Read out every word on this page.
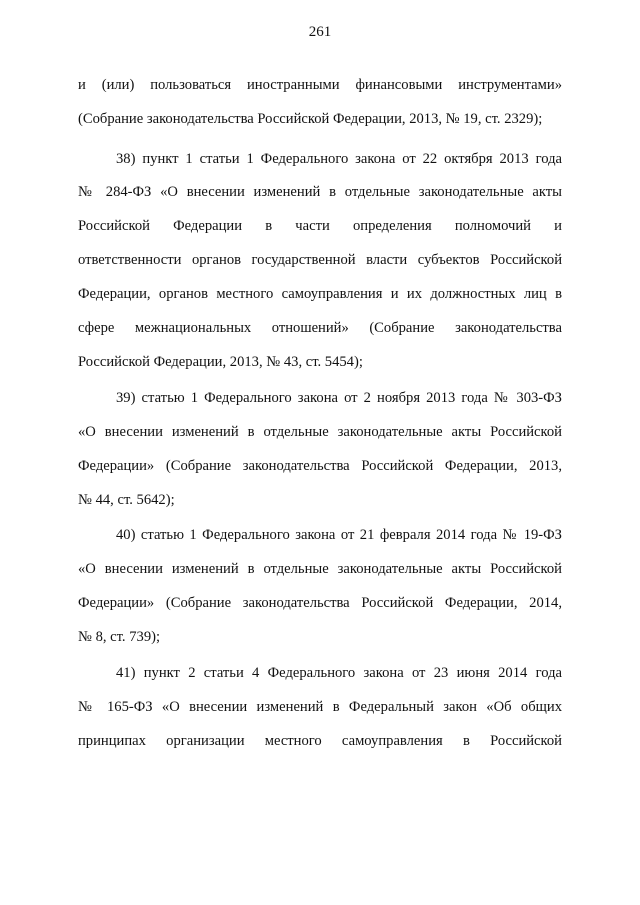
261
и (или) пользоваться иностранными финансовыми инструментами»
(Собрание законодательства Российской Федерации, 2013, № 19, ст. 2329);
38) пункт 1 статьи 1 Федерального закона от 22 октября 2013 года
№ 284-ФЗ «О внесении изменений в отдельные законодательные акты
Российской Федерации в части определения полномочий и
ответственности органов государственной власти субъектов Российской
Федерации, органов местного самоуправления и их должностных лиц в
сфере межнациональных отношений» (Собрание законодательства
Российской Федерации, 2013, № 43, ст. 5454);
39) статью 1 Федерального закона от 2 ноября 2013 года № 303-ФЗ
«О внесении изменений в отдельные законодательные акты Российской
Федерации» (Собрание законодательства Российской Федерации, 2013,
№ 44, ст. 5642);
40) статью 1 Федерального закона от 21 февраля 2014 года № 19-ФЗ
«О внесении изменений в отдельные законодательные акты Российской
Федерации» (Собрание законодательства Российской Федерации, 2014,
№ 8, ст. 739);
41) пункт 2 статьи 4 Федерального закона от 23 июня 2014 года
№ 165-ФЗ «О внесении изменений в Федеральный закон «Об общих
принципах организации местного самоуправления в Российской
